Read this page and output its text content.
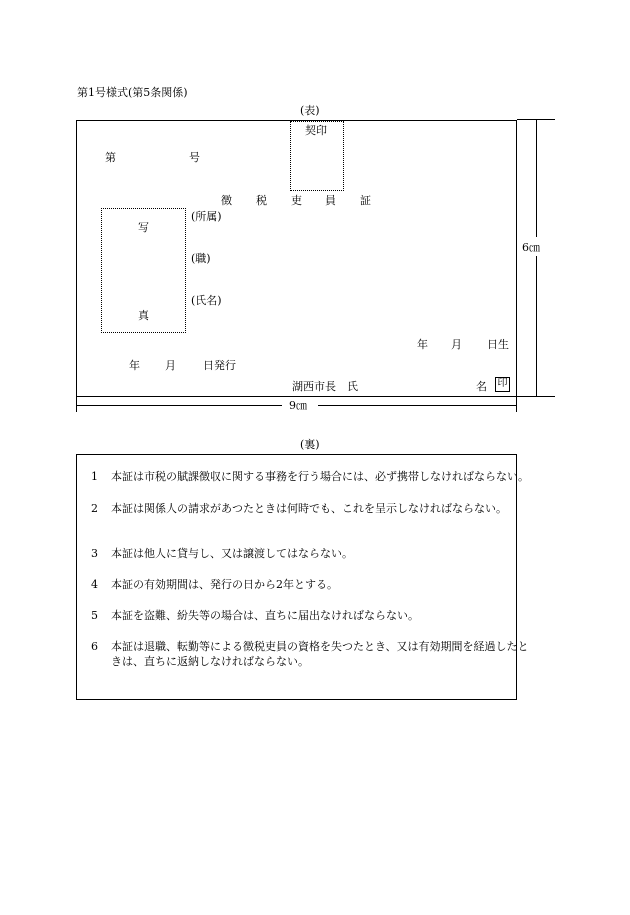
第1号様式(第5条関係)
(表)
契印
第	号
徴 税 吏 員 証
写
真
(所属)
(職)
(氏名)
年 月 日生
年 月 日発行
湖西市長　氏	名 印
6㎝
9㎝
(裏)
1 本証は市税の賦課徴収に関する事務を行う場合には、必ず携帯しなければならない。
2 本証は関係人の請求があつたときは何時でも、これを呈示しなければならない。
3 本証は他人に貸与し、又は譲渡してはならない。
4 本証の有効期間は、発行の日から2年とする。
5 本証を盗難、紛失等の場合は、直ちに届出なければならない。
6 本証は退職、転勤等による徴税吏員の資格を失つたとき、又は有効期間を経過したときは、直ちに返納しなければならない。
